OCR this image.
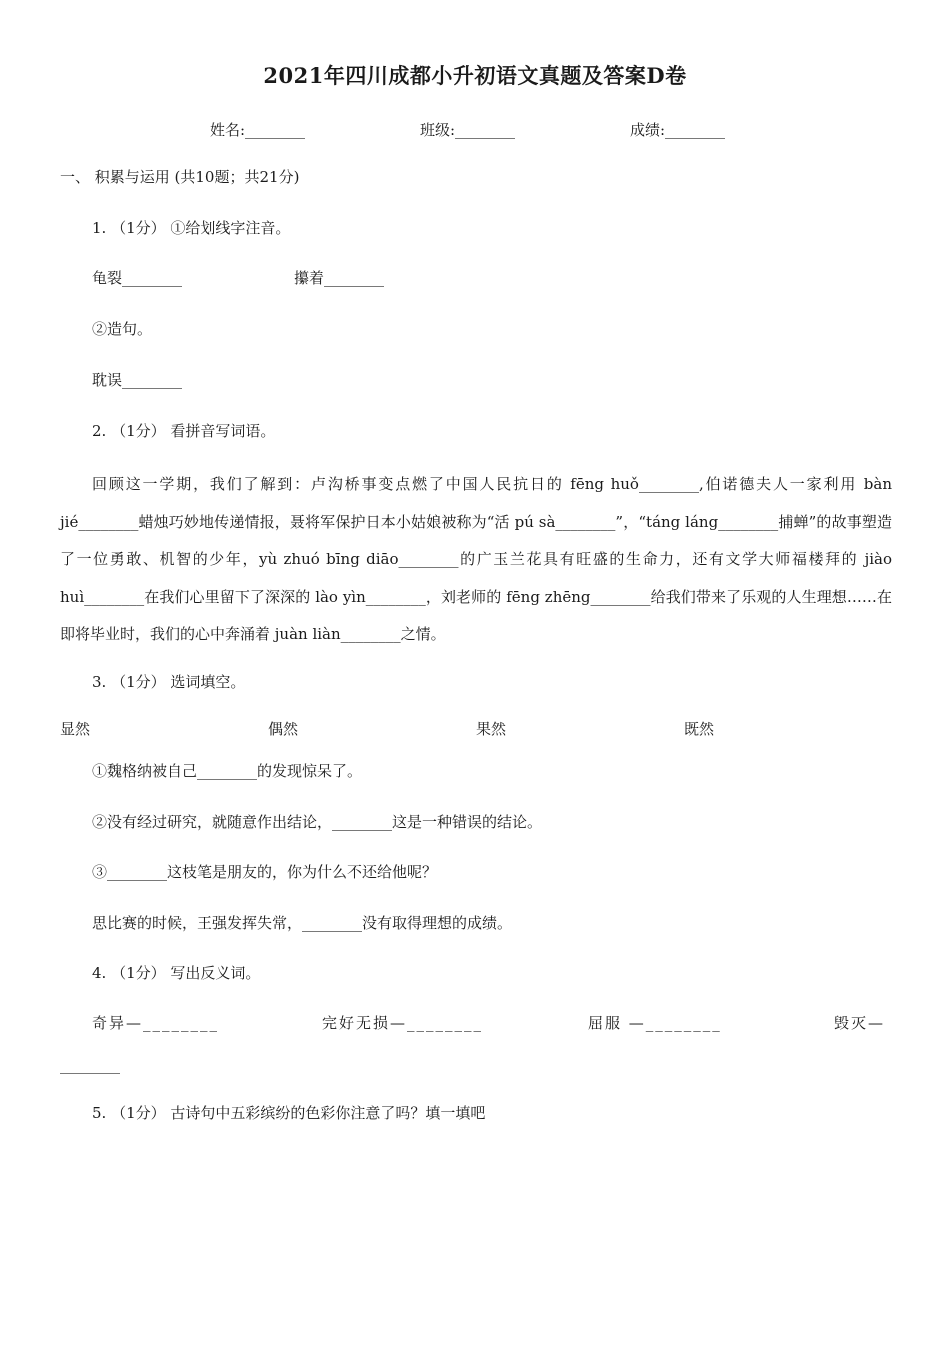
2021年四川成都小升初语文真题及答案D卷
姓名:________	班级:________	成绩:________
一、 积累与运用 (共10题；共21分)
1. （1分） ①给划线字注音。
龟裂________	攥着________
②造句。
耽误________
2. （1分） 看拼音写词语。
回顾这一学期，我们了解到：卢沟桥事变点燃了中国人民抗日的 fēng huǒ________,伯诺德夫人一家利用 bàn jié________蜡烛巧妙地传递情报，聂将军保护日本小姑娘被称为“活 pú sà________”，“táng láng________捕蝉”的故事塑造了一位勇敢、机智的少年，yù zhuó bīng diāo________的广玉兰花具有旺盛的生命力，还有文学大师福楼拜的 jiào huì________在我们心里留下了深深的 lào yìn________，刘老师的 fēng zhēng________给我们带来了乐观的人生理想……在即将毕业时，我们的心中奔涌着 juàn liàn________之情。
3. （1分） 选词填空。
显然	偶然	果然	既然
①魏格纳被自己________的发现惊呆了。
②没有经过研究，就随意作出结论，________这是一种错误的结论。
③________这枝笔是朋友的，你为什么不还给他呢？
思比赛的时候，王强发挥失常，________没有取得理想的成绩。
4. （1分） 写出反义词。
奇异—________	完好无损—________	屈服 —________	毁灭—
________
5. （1分） 古诗句中五彩缤纷的色彩你注意了吗？填一填吧
